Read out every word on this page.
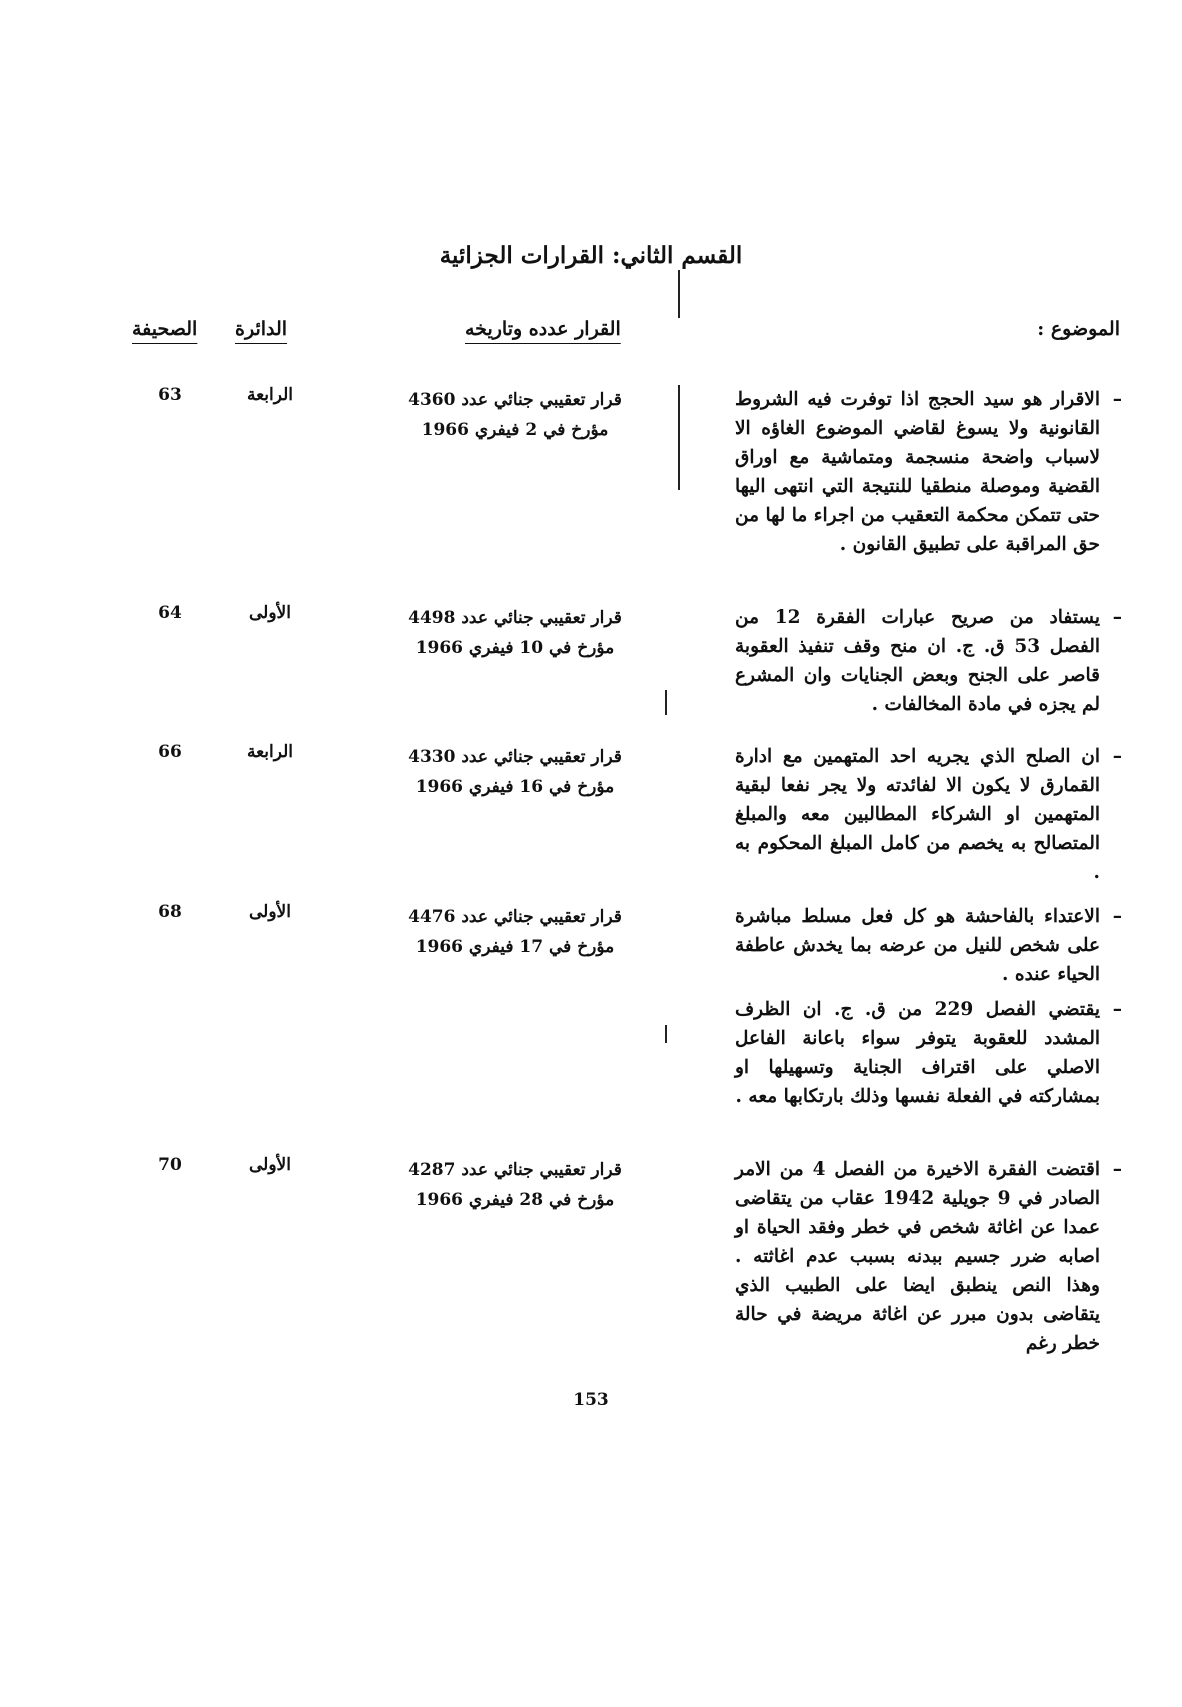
القسم الثاني: القرارات الجزائية
الموضوع :
القرار عدده وتاريخه
الدائرة
الصحيفة

– الاقرار هو سيد الحجج اذا توفرت فيه الشروط القانونية ولا يسوغ لقاضي الموضوع الغاؤه الا لاسباب واضحة منسجمة ومتماشية مع اوراق القضية وموصلة منطقيا للنتيجة التي انتهى اليها حتى تتمكن محكمة التعقيب من اجراء ما لها من حق المراقبة على تطبيق القانون .

قرار تعقيبي جنائي عدد 4360
مؤرخ في 2 فيفري 1966
الرابعة
63

– يستفاد من صريح عبارات الفقرة 12 من الفصل 53 ق. ج. ان منح وقف تنفيذ العقوبة قاصر على الجنح وبعض الجنايات وان المشرع لم يجزه في مادة المخالفات .

قرار تعقيبي جنائي عدد 4498
مؤرخ في 10 فيفري 1966
الأولى
64

– ان الصلح الذي يجريه احد المتهمين مع ادارة القمارق لا يكون الا لفائدته ولا يجر نفعا لبقية المتهمين او الشركاء المطالبين معه والمبلغ المتصالح به يخصم من كامل المبلغ المحكوم به .

قرار تعقيبي جنائي عدد 4330
مؤرخ في 16 فيفري 1966
الرابعة
66

– الاعتداء بالفاحشة هو كل فعل مسلط مباشرة على شخص للنيل من عرضه بما يخدش عاطفة الحياء عنده .

– يقتضي الفصل 229 من ق. ج. ان الظرف المشدد للعقوبة يتوفر سواء باعانة الفاعل الاصلي على اقتراف الجناية وتسهيلها او بمشاركته في الفعلة نفسها وذلك بارتكابها معه .

قرار تعقيبي جنائي عدد 4476
مؤرخ في 17 فيفري 1966
الأولى
68

– اقتضت الفقرة الاخيرة من الفصل 4 من الامر الصادر في 9 جويلية 1942 عقاب من يتقاضى عمدا عن اغاثة شخص في خطر وفقد الحياة او اصابه ضرر جسيم ببدنه بسبب عدم اغاثته . وهذا النص ينطبق ايضا على الطبيب الذي يتقاضى بدون مبرر عن اغاثة مريضة في حالة خطر رغم

قرار تعقيبي جنائي عدد 4287
مؤرخ في 28 فيفري 1966
الأولى
70
153
